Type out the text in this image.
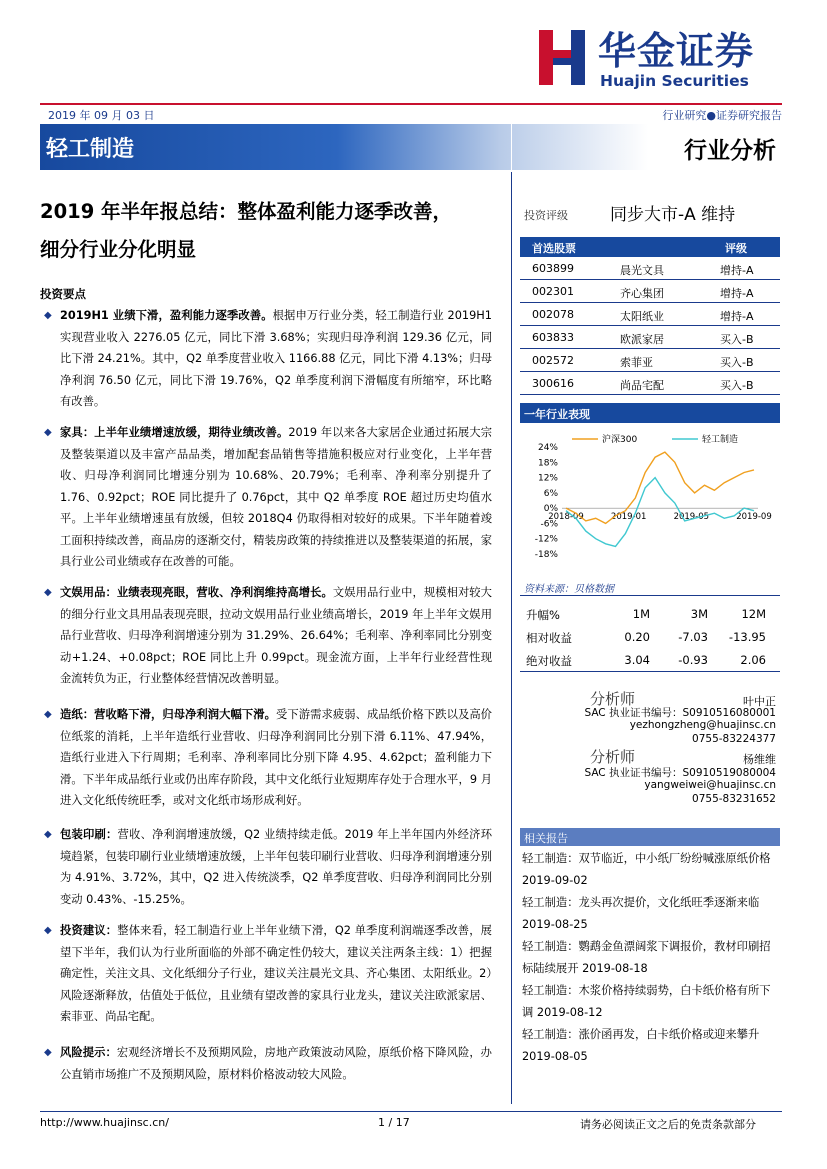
华金证券
Huajin Securities
2019 年 09 月 03 日	行业研究●证券研究报告
轻工制造	行业分析
2019 年半年报总结：整体盈利能力逐季改善，
细分行业分化明显
投资要点
◆ 2019H1 业绩下滑，盈利能力逐季改善。根据申万行业分类，轻工制造行业 2019H1 实现营业收入 2276.05 亿元，同比下滑 3.68%；实现归母净利润 129.36 亿元，同比下滑 24.21%。其中，Q2 单季度营业收入 1166.88 亿元，同比下滑 4.13%；归母净利润 76.50 亿元，同比下滑 19.76%，Q2 单季度利润下滑幅度有所缩窄，环比略有改善。
◆ 家具：上半年业绩增速放缓，期待业绩改善。2019 年以来各大家居企业通过拓展大宗及整装渠道以及丰富产品品类，增加配套品销售等措施积极应对行业变化，上半年营收、归母净利润同比增速分别为 10.68%、20.79%；毛利率、净利率分别提升了 1.76、0.92pct；ROE 同比提升了 0.76pct，其中 Q2 单季度 ROE 超过历史均值水平。上半年业绩增速虽有放缓，但较 2018Q4 仍取得相对较好的成果。下半年随着竣工面积持续改善，商品房的逐渐交付，精装房政策的持续推进以及整装渠道的拓展，家具行业公司业绩或存在改善的可能。
◆ 文娱用品：业绩表现亮眼，营收、净利润维持高增长。文娱用品行业中，规模相对较大的细分行业文具用品表现亮眼，拉动文娱用品行业业绩高增长，2019 年上半年文娱用品行业营收、归母净利润增速分别为 31.29%、26.64%；毛利率、净利率同比分别变动+1.24、+0.08pct；ROE 同比上升 0.99pct。现金流方面，上半年行业经营性现金流转负为正，行业整体经营情况改善明显。
◆ 造纸：营收略下滑，归母净利润大幅下滑。受下游需求疲弱、成品纸价格下跌以及高价位纸浆的消耗，上半年造纸行业营收、归母净利润同比分别下滑 6.11%、47.94%，造纸行业进入下行周期；毛利率、净利率同比分别下降 4.95、4.62pct；盈利能力下滑。下半年成品纸行业或仍出库存阶段，其中文化纸行业短期库存处于合理水平，9 月进入文化纸传统旺季，或对文化纸市场形成利好。
◆ 包装印刷：营收、净利润增速放缓，Q2 业绩持续走低。2019 年上半年国内外经济环境趋紧，包装印刷行业业绩增速放缓，上半年包装印刷行业营收、归母净利润增速分别为 4.91%、3.72%，其中，Q2 进入传统淡季，Q2 单季度营收、归母净利润同比分别变动 0.43%、-15.25%。
◆ 投资建议：整体来看，轻工制造行业上半年业绩下滑，Q2 单季度利润端逐季改善，展望下半年，我们认为行业所面临的外部不确定性仍较大，建议关注两条主线：1）把握确定性，关注文具、文化纸细分子行业，建议关注晨光文具、齐心集团、太阳纸业。2）风险逐渐释放，估值处于低位，且业绩有望改善的家具行业龙头，建议关注欧派家居、索菲亚、尚品宅配。
◆ 风险提示：宏观经济增长不及预期风险，房地产政策波动风险，原纸价格下降风险，办公直销市场推广不及预期风险，原材料价格波动较大风险。
投资评级 同步大市-A 维持
首选股票	评级
603899	晨光文具	增持-A
002301	齐心集团	增持-A
002078	太阳纸业	增持-A
603833	欧派家居	买入-B
002572	索菲亚	买入-B
300616	尚品宅配	买入-B
一年行业表现
24%
18%
12%
6%
0%
-6%
-12%
-18%
2018-09	2019-01	2019-05	2019-09
沪深300	轻工制造
资料来源：贝格数据
升幅%	1M	3M	12M
相对收益	0.20 -7.03 -13.95
绝对收益	3.04 -0.93	2.06
分析师	叶中正
SAC 执业证书编号：S0910516080001
yezhongzheng@huajinsc.cn
0755-83224377
分析师	杨维维
SAC 执业证书编号：S0910519080004
yangweiwei@huajinsc.cn
0755-83231652
相关报告
轻工制造：双节临近，中小纸厂纷纷喊涨原纸价格 2019-09-02
轻工制造：龙头再次提价，文化纸旺季逐渐来临 2019-08-25
轻工制造：鹦鹉金鱼漂阔浆下调报价，教材印刷招标陆续展开 2019-08-18
轻工制造：木浆价格持续弱势，白卡纸价格有所下调 2019-08-12
轻工制造：涨价函再发，白卡纸价格或迎来攀升 2019-08-05
http://www.huajinsc.cn/	1 / 17	请务必阅读正文之后的免责条款部分
